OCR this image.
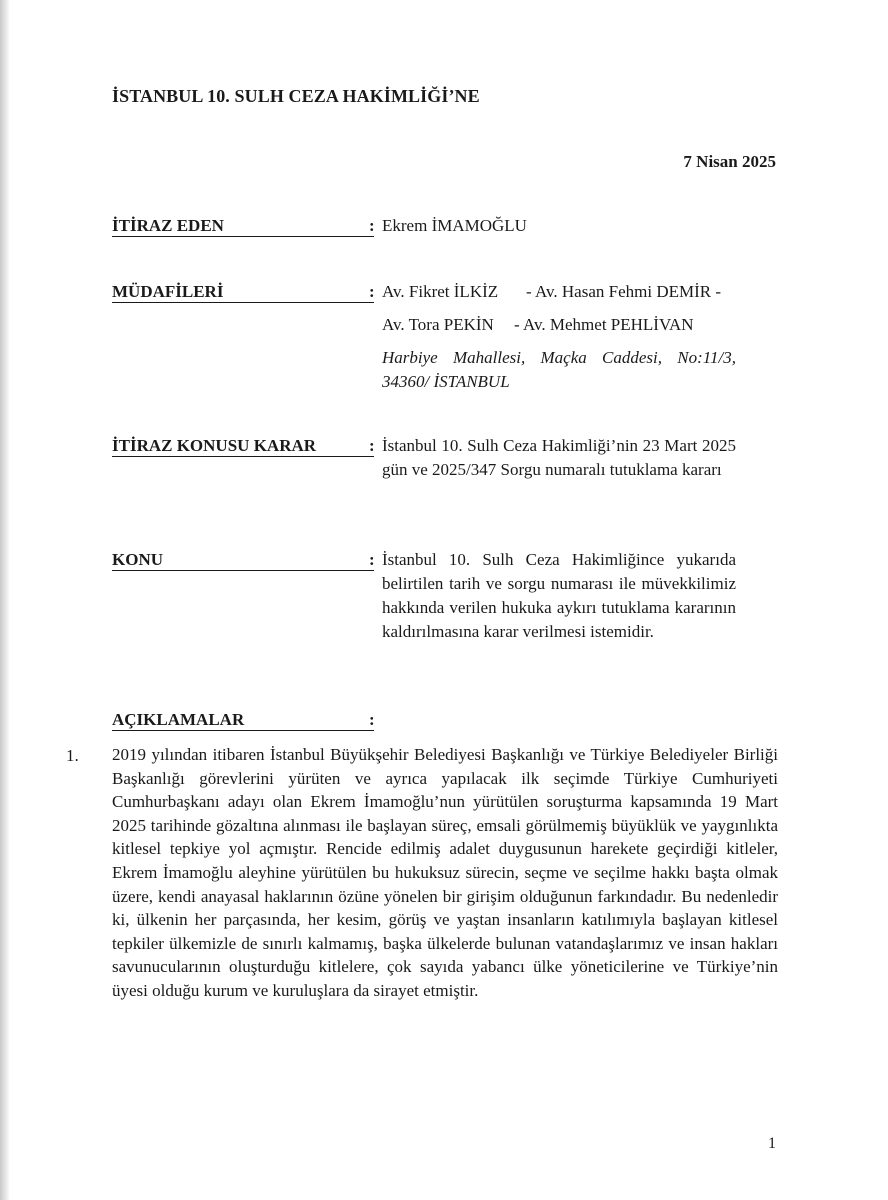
İSTANBUL 10. SULH CEZA HAKİMLİĞİ’NE
7 Nisan 2025
İTİRAZ EDEN	: Ekrem İMAMOĞLU
MÜDAFİLERİ	: Av. Fikret İLKİZ - Av. Hasan Fehmi DEMİR -
Av. Tora PEKİN - Av. Mehmet PEHLİVAN
Harbiye Mahallesi, Maçka Caddesi, No:11/3, 34360/ İSTANBUL
İTİRAZ KONUSU KARAR	: İstanbul 10. Sulh Ceza Hakimliği’nin 23 Mart 2025 gün ve 2025/347 Sorgu numaralı tutuklama kararı
KONU	: İstanbul 10. Sulh Ceza Hakimliğince yukarıda belirtilen tarih ve sorgu numarası ile müvekkilimiz hakkında verilen hukuka aykırı tutuklama kararının kaldırılmasına karar verilmesi istemidir.
AÇIKLAMALAR	:
1. 2019 yılından itibaren İstanbul Büyükşehir Belediyesi Başkanlığı ve Türkiye Belediyeler Birliği Başkanlığı görevlerini yürüten ve ayrıca yapılacak ilk seçimde Türkiye Cumhuriyeti Cumhurbaşkanı adayı olan Ekrem İmamoğlu’nun yürütülen soruşturma kapsamında 19 Mart 2025 tarihinde gözaltına alınması ile başlayan süreç, emsali görülmemiş büyüklük ve yaygınlıkta kitlesel tepkiye yol açmıştır. Rencide edilmiş adalet duygusunun harekete geçirdiği kitleler, Ekrem İmamoğlu aleyhine yürütülen bu hukuksuz sürecin, seçme ve seçilme hakkı başta olmak üzere, kendi anayasal haklarının özüne yönelen bir girişim olduğunun farkındadır. Bu nedenledir ki, ülkenin her parçasında, her kesim, görüş ve yaştan insanların katılımıyla başlayan kitlesel tepkiler ülkemizle de sınırlı kalmamış, başka ülkelerde bulunan vatandaşlarımız ve insan hakları savunucularının oluşturduğu kitlelere, çok sayıda yabancı ülke yöneticilerine ve Türkiye’nin üyesi olduğu kurum ve kuruluşlara da sirayet etmiştir.
1
